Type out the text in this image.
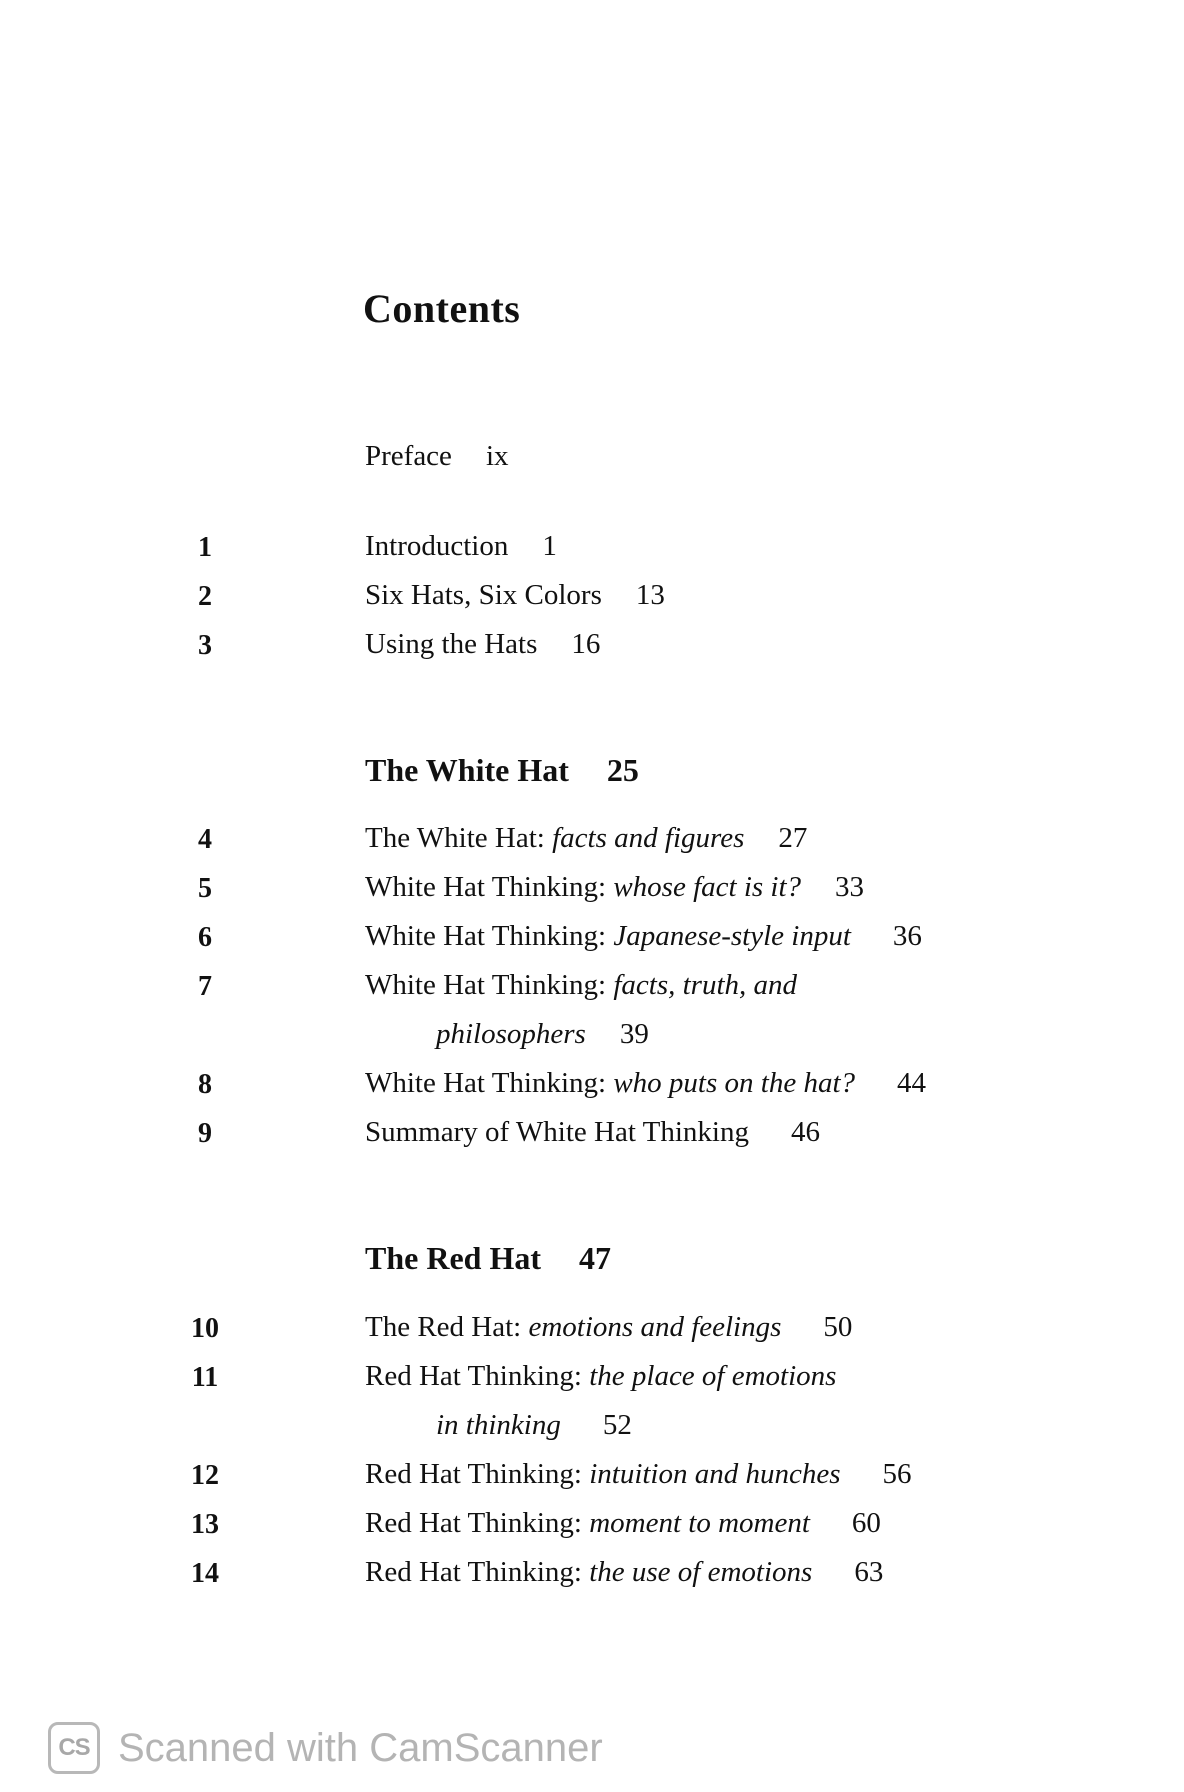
Contents
Preface ix
1	Introduction 1
2	Six Hats, Six Colors 13
3	Using the Hats 16
The White Hat 25
4	The White Hat: facts and figures 27
5	White Hat Thinking: whose fact is it? 33
6	White Hat Thinking: Japanese-style input 36
7	White Hat Thinking: facts, truth, and
philosophers 39
8	White Hat Thinking: who puts on the hat? 44
9	Summary of White Hat Thinking 46
The Red Hat 47
10	The Red Hat: emotions and feelings 50
11	Red Hat Thinking: the place of emotions
in thinking 52
12	Red Hat Thinking: intuition and hunches 56
13	Red Hat Thinking: moment to moment 60
14	Red Hat Thinking: the use of emotions 63
CS Scanned with CamScanner
